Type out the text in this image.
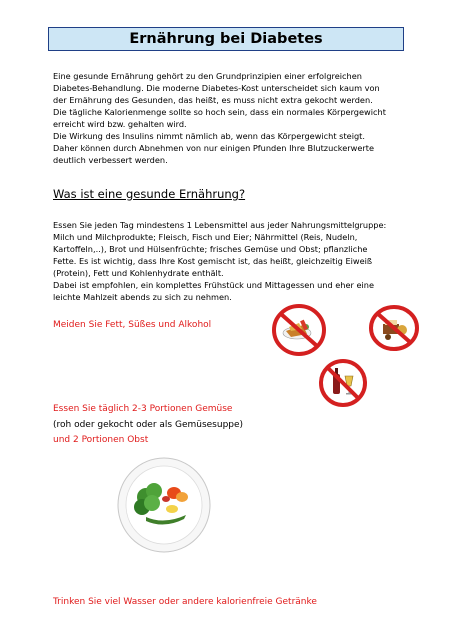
Ernährung bei Diabetes
Eine gesunde Ernährung gehört zu den Grundprinzipien einer erfolgreichen
Diabetes-Behandlung. Die moderne Diabetes-Kost unterscheidet sich kaum von
der Ernährung des Gesunden, das heißt, es muss nicht extra gekocht werden.
Die tägliche Kalorienmenge sollte so hoch sein, dass ein normales Körpergewicht
erreicht wird bzw. gehalten wird.
Die Wirkung des Insulins nimmt nämlich ab, wenn das Körpergewicht steigt.
Daher können durch Abnehmen von nur einigen Pfunden Ihre Blutzuckerwerte
deutlich verbessert werden.
Was ist eine gesunde Ernährung?
Essen Sie jeden Tag mindestens 1 Lebensmittel aus jeder Nahrungsmittelgruppe:
Milch und Milchprodukte; Fleisch, Fisch und Eier; Nährmittel (Reis, Nudeln,
Kartoffeln,..), Brot und Hülsenfrüchte; frisches Gemüse und Obst; pflanzliche
Fette. Es ist wichtig, dass Ihre Kost gemischt ist, das heißt, gleichzeitig Eiweiß
(Protein), Fett und Kohlenhydrate enthält.
Dabei ist empfohlen, ein komplettes Frühstück und Mittagessen und eher eine
leichte Mahlzeit abends zu sich zu nehmen.
Meiden Sie Fett, Süßes und Alkohol
Essen Sie täglich 2-3 Portionen Gemüse
(roh oder gekocht oder als Gemüsesuppe)
und 2 Portionen Obst
Trinken Sie viel Wasser oder andere kalorienfreie Getränke
